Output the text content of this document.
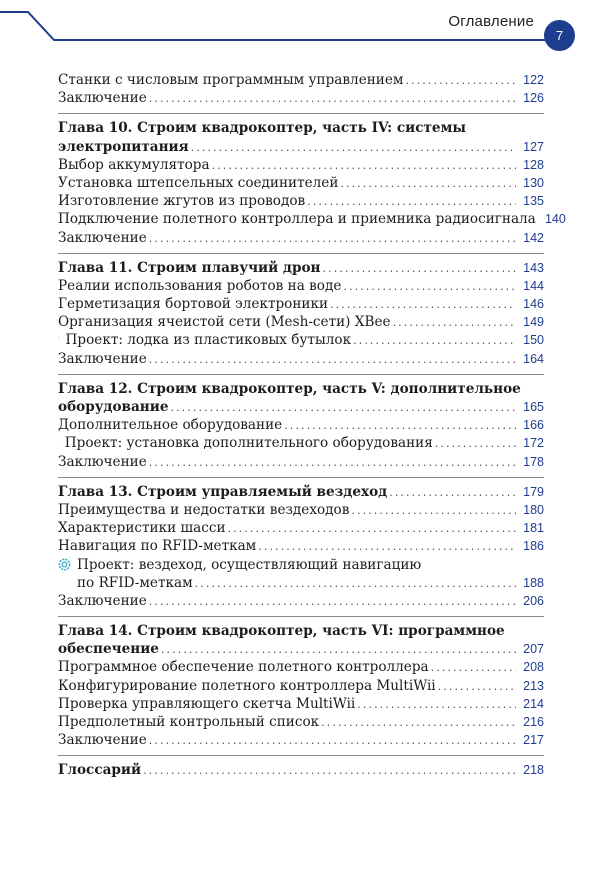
Оглавление
7
Станки с числовым программным управлением .....	122
Заключение .....	126
Глава 10. Строим квадрокоптер, часть IV: системы
электропитания .....	127
Выбор аккумулятора .....	128
Установка штепсельных соединителей .....	130
Изготовление жгутов из проводов .....	135
Подключение полетного контроллера и приемника радиосигнала 140
Заключение .....	142
Глава 11. Строим плавучий дрон .....	143
Реалии использования роботов на воде .....	144
Герметизация бортовой электроники .....	146
Организация ячеистой сети (Mesh-сети) XBee .....	149
Проект: лодка из пластиковых бутылок .....	150
Заключение .....	164
Глава 12. Строим квадрокоптер, часть V: дополнительное
оборудование .....	165
Дополнительное оборудование .....	166
Проект: установка дополнительного оборудования .....	172
Заключение .....	178
Глава 13. Строим управляемый вездеход .....	179
Преимущества и недостатки вездеходов .....	180
Характеристики шасси .....	181
Навигация по RFID-меткам .....	186
Проект: вездеход, осуществляющий навигацию
по RFID-меткам .....	188
Заключение .....	206
Глава 14. Строим квадрокоптер, часть VI: программное
обеспечение .....	207
Программное обеспечение полетного контроллера .....	208
Конфигурирование полетного контроллера MultiWii .....	213
Проверка управляющего скетча MultiWii .....	214
Предполетный контрольный список .....	216
Заключение .....	217
Глоссарий .....	218
